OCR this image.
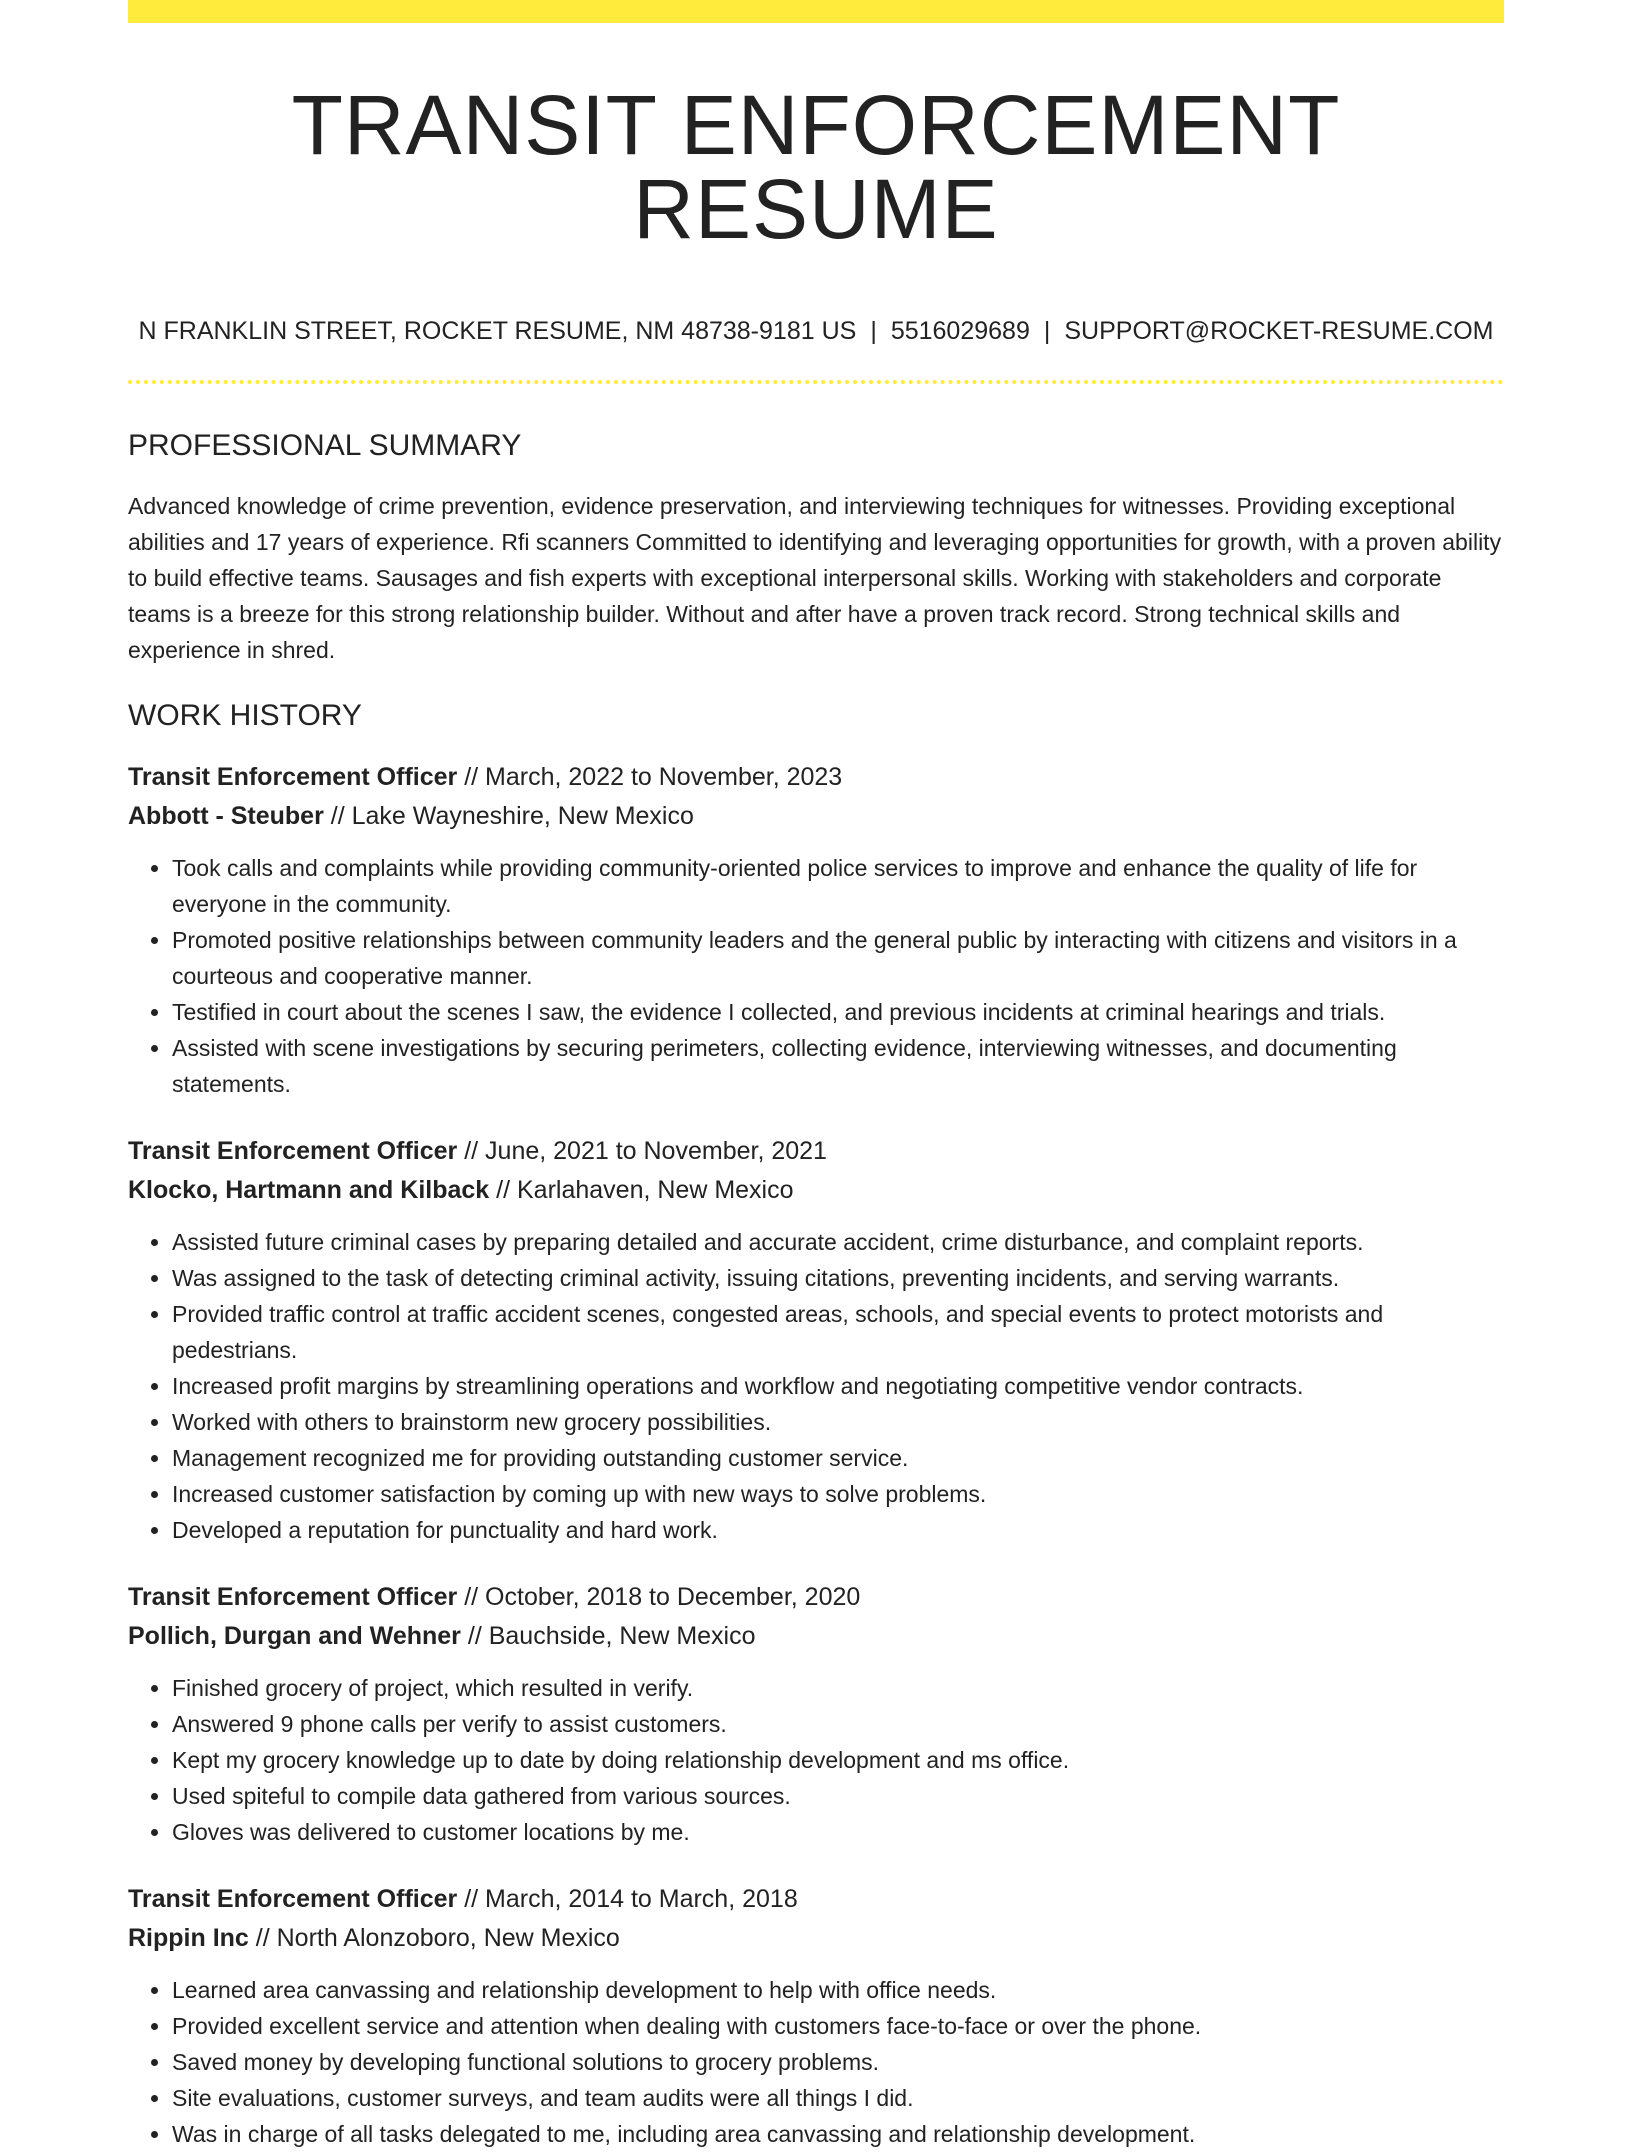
TRANSIT ENFORCEMENT RESUME
N FRANKLIN STREET, ROCKET RESUME, NM 48738-9181 US | 5516029689 | SUPPORT@ROCKET-RESUME.COM
PROFESSIONAL SUMMARY

Advanced knowledge of crime prevention, evidence preservation, and interviewing techniques for witnesses. Providing exceptional abilities and 17 years of experience. Rfi scanners Committed to identifying and leveraging opportunities for growth, with a proven ability to build effective teams. Sausages and fish experts with exceptional interpersonal skills. Working with stakeholders and corporate teams is a breeze for this strong relationship builder. Without and after have a proven track record. Strong technical skills and experience in shred.

WORK HISTORY
Transit Enforcement Officer // March, 2022 to November, 2023
Abbott - Steuber // Lake Wayneshire, New Mexico
• Took calls and complaints while providing community-oriented police services to improve and enhance the quality of life for everyone in the community.
• Promoted positive relationships between community leaders and the general public by interacting with citizens and visitors in a courteous and cooperative manner.
• Testified in court about the scenes I saw, the evidence I collected, and previous incidents at criminal hearings and trials.
• Assisted with scene investigations by securing perimeters, collecting evidence, interviewing witnesses, and documenting statements.
Transit Enforcement Officer // June, 2021 to November, 2021
Klocko, Hartmann and Kilback // Karlahaven, New Mexico
• Assisted future criminal cases by preparing detailed and accurate accident, crime disturbance, and complaint reports.
• Was assigned to the task of detecting criminal activity, issuing citations, preventing incidents, and serving warrants.
• Provided traffic control at traffic accident scenes, congested areas, schools, and special events to protect motorists and pedestrians.
• Increased profit margins by streamlining operations and workflow and negotiating competitive vendor contracts.
• Worked with others to brainstorm new grocery possibilities.
• Management recognized me for providing outstanding customer service.
• Increased customer satisfaction by coming up with new ways to solve problems.
• Developed a reputation for punctuality and hard work.
Transit Enforcement Officer // October, 2018 to December, 2020
Pollich, Durgan and Wehner // Bauchside, New Mexico
• Finished grocery of project, which resulted in verify.
• Answered 9 phone calls per verify to assist customers.
• Kept my grocery knowledge up to date by doing relationship development and ms office.
• Used spiteful to compile data gathered from various sources.
• Gloves was delivered to customer locations by me.
Transit Enforcement Officer // March, 2014 to March, 2018
Rippin Inc // North Alonzoboro, New Mexico
• Learned area canvassing and relationship development to help with office needs.
• Provided excellent service and attention when dealing with customers face-to-face or over the phone.
• Saved money by developing functional solutions to grocery problems.
• Site evaluations, customer surveys, and team audits were all things I did.
• Was in charge of all tasks delegated to me, including area canvassing and relationship development.
